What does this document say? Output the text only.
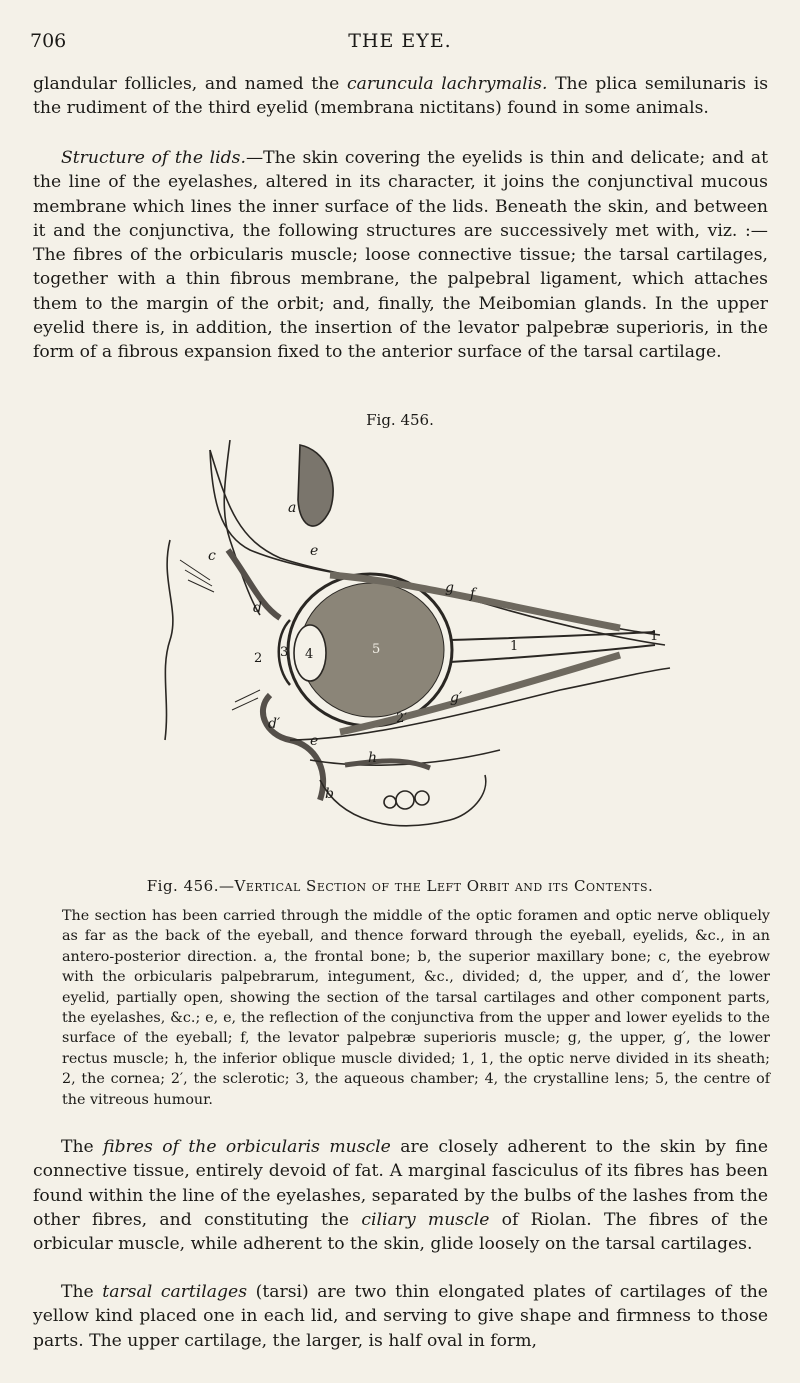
706	THE EYE.

glandular follicles, and named the caruncula lachrymalis. The plica semilunaris is the rudiment of the third eyelid (membrana nictitans) found in some animals.

Structure of the lids.—The skin covering the eyelids is thin and delicate; and at the line of the eyelashes, altered in its character, it joins the conjunctival mucous membrane which lines the inner surface of the lids. Beneath the skin, and between it and the conjunctiva, the following structures are successively met with, viz. :—The fibres of the orbicularis muscle; loose connective tissue; the tarsal cartilages, together with a thin fibrous membrane, the palpebral ligament, which attaches them to the margin of the orbit; and, finally, the Meibomian glands. In the upper eyelid there is, in addition, the insertion of the levator palpebræ superioris, in the form of a fibrous expansion fixed to the anterior surface of the tarsal cartilage.

Fig. 456.
a
b
c
d
d′
e
e
f
g
g′
h
1
1
2 3 4	5
2′
Fig. 456.—Vertical Section of the Left Orbit and its Contents.

The section has been carried through the middle of the optic foramen and optic nerve obliquely as far as the back of the eyeball, and thence forward through the eyeball, eyelids, &c., in an antero-posterior direction. a, the frontal bone; b, the superior maxillary bone; c, the eyebrow with the orbicularis palpebrarum, integument, &c., divided; d, the upper, and d′, the lower eyelid, partially open, showing the section of the tarsal cartilages and other component parts, the eyelashes, &c.; e, e, the reflection of the conjunctiva from the upper and lower eyelids to the surface of the eyeball; f, the levator palpebræ superioris muscle; g, the upper, g′, the lower rectus muscle; h, the inferior oblique muscle divided; 1, 1, the optic nerve divided in its sheath; 2, the cornea; 2′, the sclerotic; 3, the aqueous chamber; 4, the crystalline lens; 5, the centre of the vitreous humour.

The fibres of the orbicularis muscle are closely adherent to the skin by fine connective tissue, entirely devoid of fat. A marginal fasciculus of its fibres has been found within the line of the eyelashes, separated by the bulbs of the lashes from the other fibres, and constituting the ciliary muscle of Riolan. The fibres of the orbicular muscle, while adherent to the skin, glide loosely on the tarsal cartilages.

The tarsal cartilages (tarsi) are two thin elongated plates of cartilages of the yellow kind placed one in each lid, and serving to give shape and firmness to those parts. The upper cartilage, the larger, is half oval in form,
